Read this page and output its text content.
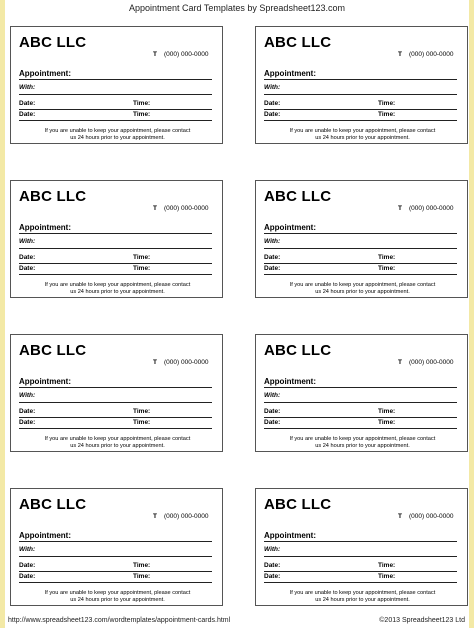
Appointment Card Templates by Spreadsheet123.com
ABC LLC
T (000) 000-0000
Appointment:
With:
Date:	Time:
Date:	Time:
If you are unable to keep your appointment, please contact
us 24 hours prior to your appointment.
ABC LLC
T (000) 000-0000
Appointment:
With:
Date:	Time:
Date:	Time:
If you are unable to keep your appointment, please contact
us 24 hours prior to your appointment.
ABC LLC
T (000) 000-0000
Appointment:
With:
Date:	Time:
Date:	Time:
If you are unable to keep your appointment, please contact
us 24 hours prior to your appointment.
ABC LLC
T (000) 000-0000
Appointment:
With:
Date:	Time:
Date:	Time:
If you are unable to keep your appointment, please contact
us 24 hours prior to your appointment.
ABC LLC
T (000) 000-0000
Appointment:
With:
Date:	Time:
Date:	Time:
If you are unable to keep your appointment, please contact
us 24 hours prior to your appointment.
ABC LLC
T (000) 000-0000
Appointment:
With:
Date:	Time:
Date:	Time:
If you are unable to keep your appointment, please contact
us 24 hours prior to your appointment.
ABC LLC
T (000) 000-0000
Appointment:
With:
Date:	Time:
Date:	Time:
If you are unable to keep your appointment, please contact
us 24 hours prior to your appointment.
ABC LLC
T (000) 000-0000
Appointment:
With:
Date:	Time:
Date:	Time:
If you are unable to keep your appointment, please contact
us 24 hours prior to your appointment.
http://www.spreadsheet123.com/wordtemplates/appointment-cards.html	©2013 Spreadsheet123 Ltd
